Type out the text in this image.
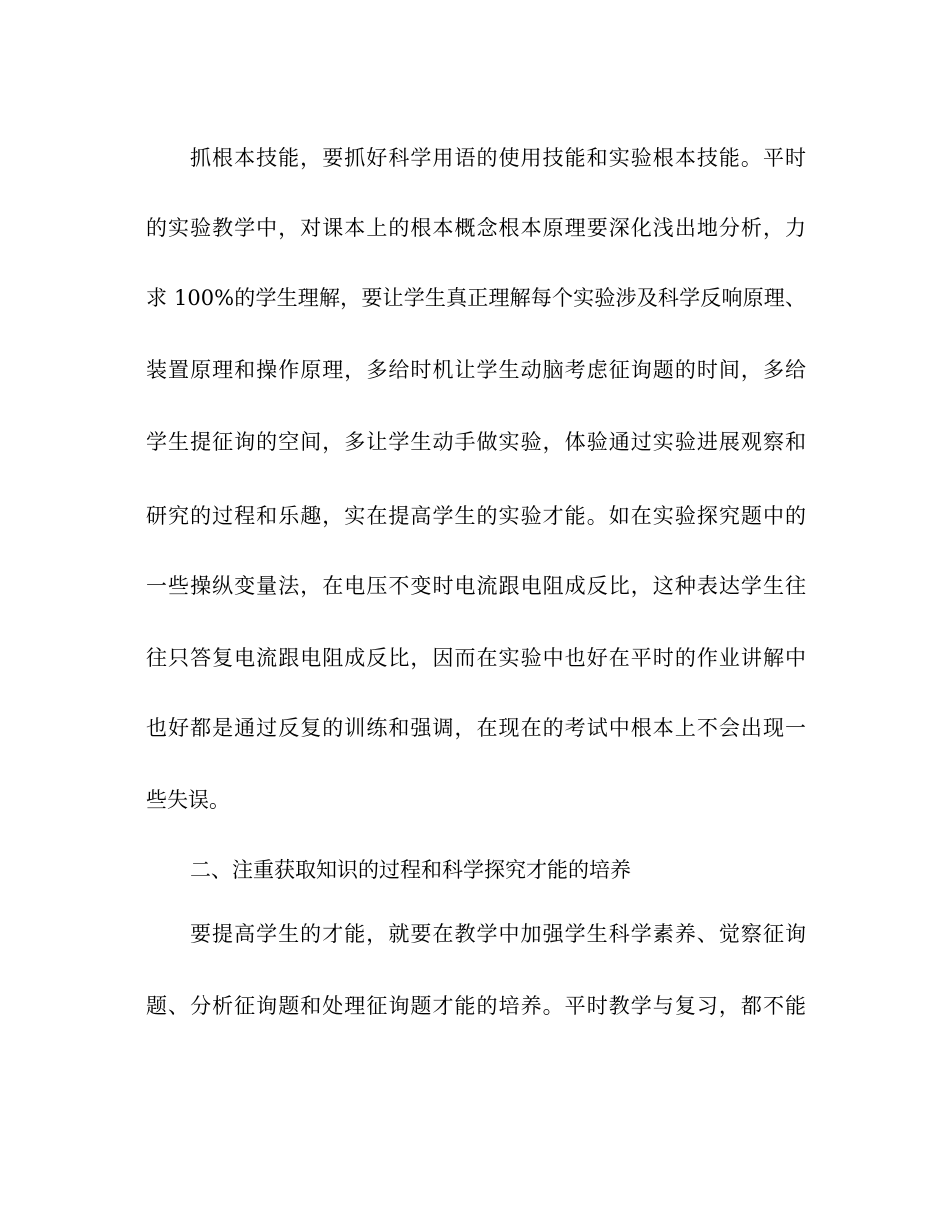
抓根本技能，要抓好科学用语的使用技能和实验根本技能。平时
的实验教学中，对课本上的根本概念根本原理要深化浅出地分析，力
求 100%的学生理解，要让学生真正理解每个实验涉及科学反响原理、
装置原理和操作原理，多给时机让学生动脑考虑征询题的时间，多给
学生提征询的空间，多让学生动手做实验，体验通过实验进展观察和
研究的过程和乐趣，实在提高学生的实验才能。如在实验探究题中的
一些操纵变量法，在电压不变时电流跟电阻成反比，这种表达学生往
往只答复电流跟电阻成反比，因而在实验中也好在平时的作业讲解中
也好都是通过反复的训练和强调，在现在的考试中根本上不会出现一
些失误。
二、注重获取知识的过程和科学探究才能的培养
要提高学生的才能，就要在教学中加强学生科学素养、觉察征询
题、分析征询题和处理征询题才能的培养。平时教学与复习，都不能
